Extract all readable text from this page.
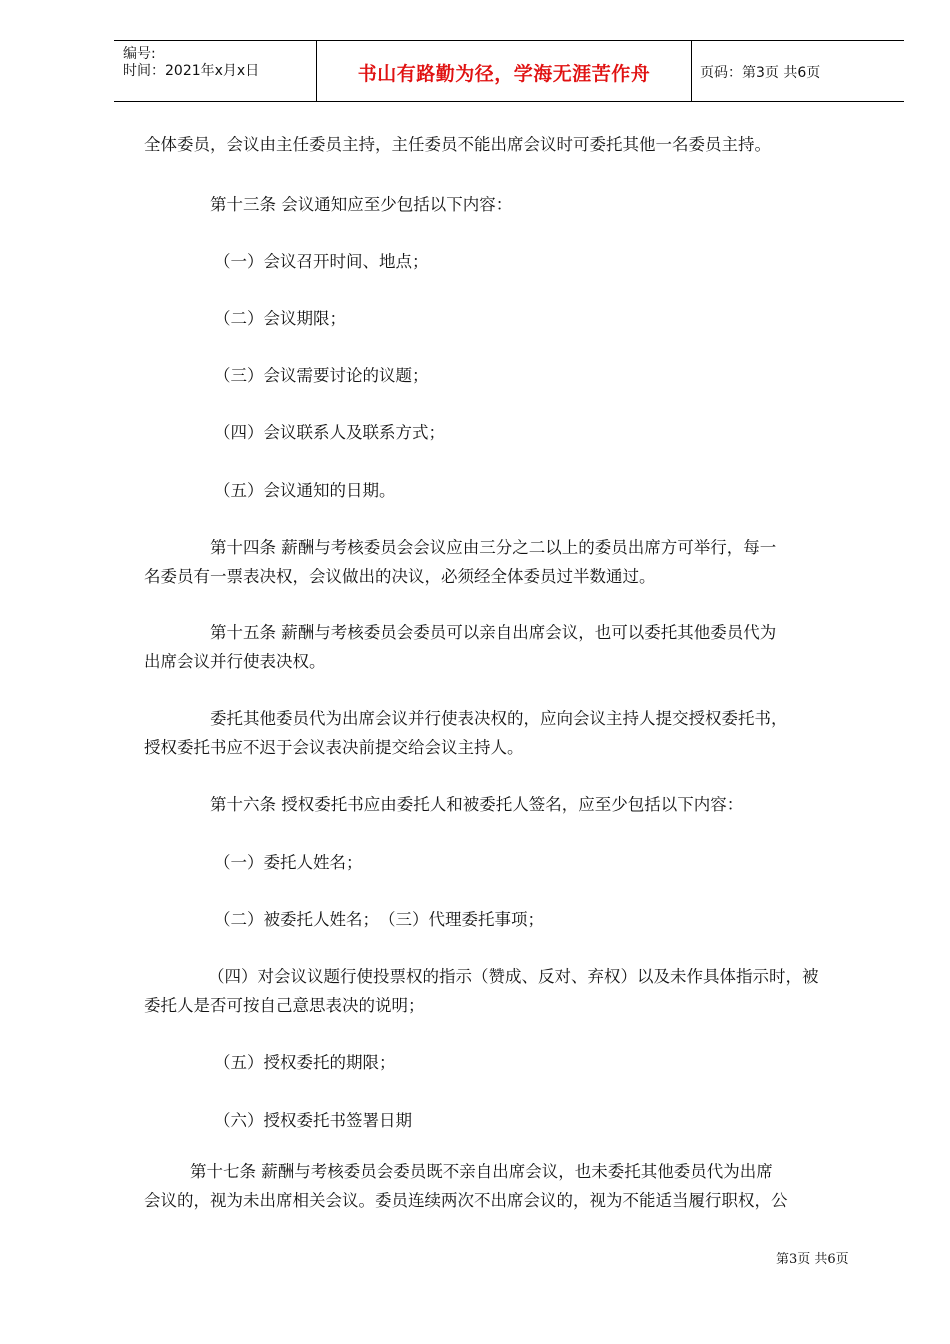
编号:
时间：2021年x月x日	书山有路勤为径，学海无涯苦作舟	页码：第3页 共6页
全体委员，会议由主任委员主持，主任委员不能出席会议时可委托其他一名委员主持。
第十三条 会议通知应至少包括以下内容：
（一）会议召开时间、地点；
（二）会议期限；
（三）会议需要讨论的议题；
（四）会议联系人及联系方式；
（五）会议通知的日期。
第十四条 薪酬与考核委员会会议应由三分之二以上的委员出席方可举行，每一
名委员有一票表决权，会议做出的决议，必须经全体委员过半数通过。
第十五条 薪酬与考核委员会委员可以亲自出席会议，也可以委托其他委员代为
出席会议并行使表决权。
委托其他委员代为出席会议并行使表决权的，应向会议主持人提交授权委托书，
授权委托书应不迟于会议表决前提交给会议主持人。
第十六条 授权委托书应由委托人和被委托人签名，应至少包括以下内容：
（一）委托人姓名；
（二）被委托人姓名；　（三）代理委托事项；
（四）对会议议题行使投票权的指示（赞成、反对、弃权）以及未作具体指示时，被
委托人是否可按自己意思表决的说明；
（五）授权委托的期限；
（六）授权委托书签署日期
第十七条 薪酬与考核委员会委员既不亲自出席会议，也未委托其他委员代为出席
会议的，视为未出席相关会议。委员连续两次不出席会议的，视为不能适当履行职权，公
第3页 共6页
